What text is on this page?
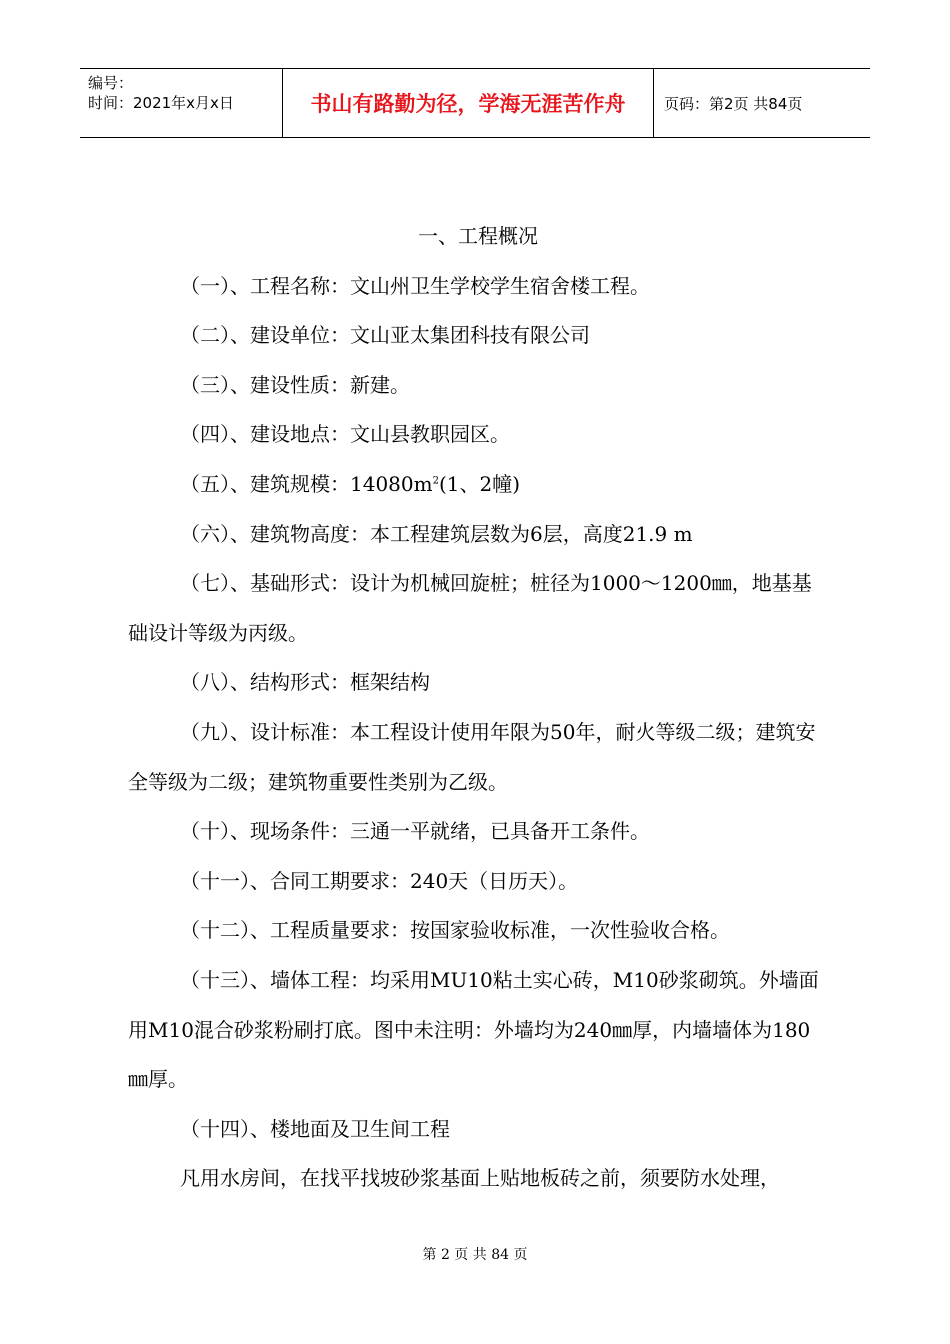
编号：
时间：2021年x月x日	书山有路勤为径，学海无涯苦作舟	页码：第2页 共84页
一、工程概况

（一）、工程名称：文山州卫生学校学生宿舍楼工程。

（二）、建设单位：文山亚太集团科技有限公司

（三）、建设性质：新建。

（四）、建设地点：文山县教职园区。

（五）、建筑规模：$14080m^2(1$、2幢)

（六）、建筑物高度：本工程建筑层数为6层，高度21.9 m

（七）、基础形式：设计为机械回旋桩；桩径为1000～1200㎜，地基基础设计等级为丙级。

（八）、结构形式：框架结构

（九）、设计标准：本工程设计使用年限为50年，耐火等级二级；建筑安全等级为二级；建筑物重要性类别为乙级。

（十）、现场条件：三通一平就绪，已具备开工条件。

（十一）、合同工期要求：240天（日历天）。

（十二）、工程质量要求：按国家验收标准，一次性验收合格。

（十三）、墙体工程：均采用MU10粘土实心砖，M10砂浆砌筑。外墙面用M10混合砂浆粉刷打底。图中未注明：外墙均为240㎜厚，内墙墙体为180㎜厚。

（十四）、楼地面及卫生间工程

凡用水房间，在找平找坡砂浆基面上贴地板砖之前，须要防水处理，

第 2 页 共 84 页
